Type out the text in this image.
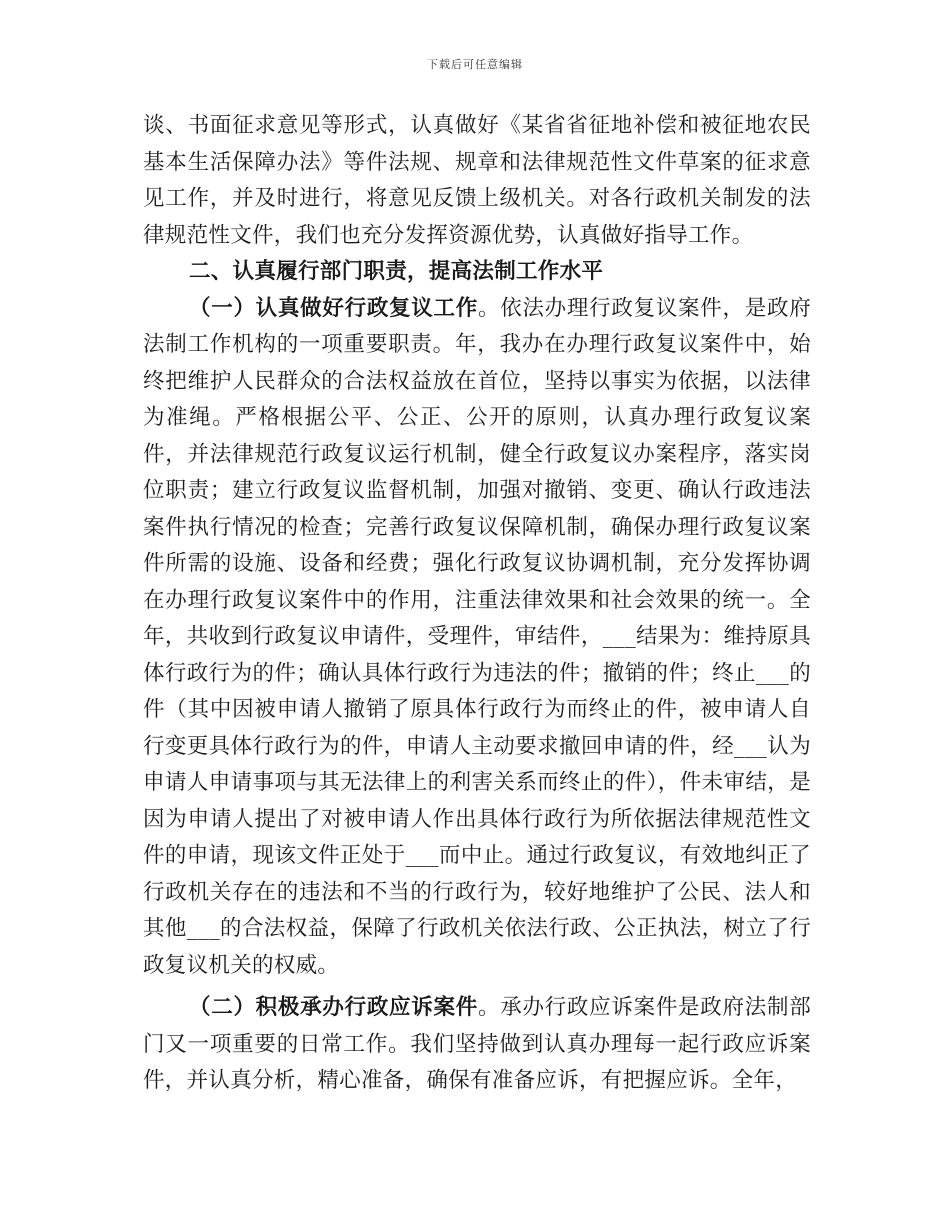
下载后可任意编辑

谈、书面征求意见等形式，认真做好《某省省征地补偿和被征地农民基本生活保障办法》等件法规、规章和法律规范性文件草案的征求意见工作，并及时进行，将意见反馈上级机关。对各行政机关制发的法律规范性文件，我们也充分发挥资源优势，认真做好指导工作。

二、认真履行部门职责，提高法制工作水平

（一）认真做好行政复议工作。依法办理行政复议案件，是政府法制工作机构的一项重要职责。年，我办在办理行政复议案件中，始终把维护人民群众的合法权益放在首位，坚持以事实为依据，以法律为准绳。严格根据公平、公正、公开的原则，认真办理行政复议案件，并法律规范行政复议运行机制，健全行政复议办案程序，落实岗位职责；建立行政复议监督机制，加强对撤销、变更、确认行政违法案件执行情况的检查；完善行政复议保障机制，确保办理行政复议案件所需的设施、设备和经费；强化行政复议协调机制，充分发挥协调在办理行政复议案件中的作用，注重法律效果和社会效果的统一。全年，共收到行政复议申请件，受理件，审结件，___结果为：维持原具体行政行为的件；确认具体行政行为违法的件；撤销的件；终止___的件（其中因被申请人撤销了原具体行政行为而终止的件，被申请人自行变更具体行政行为的件，申请人主动要求撤回申请的件，经___认为申请人申请事项与其无法律上的利害关系而终止的件），件未审结，是因为申请人提出了对被申请人作出具体行政行为所依据法律规范性文件的申请，现该文件正处于___而中止。通过行政复议，有效地纠正了行政机关存在的违法和不当的行政行为，较好地维护了公民、法人和其他___的合法权益，保障了行政机关依法行政、公正执法，树立了行政复议机关的权威。

（二）积极承办行政应诉案件。承办行政应诉案件是政府法制部门又一项重要的日常工作。我们坚持做到认真办理每一起行政应诉案件，并认真分析，精心准备，确保有准备应诉，有把握应诉。全年，
